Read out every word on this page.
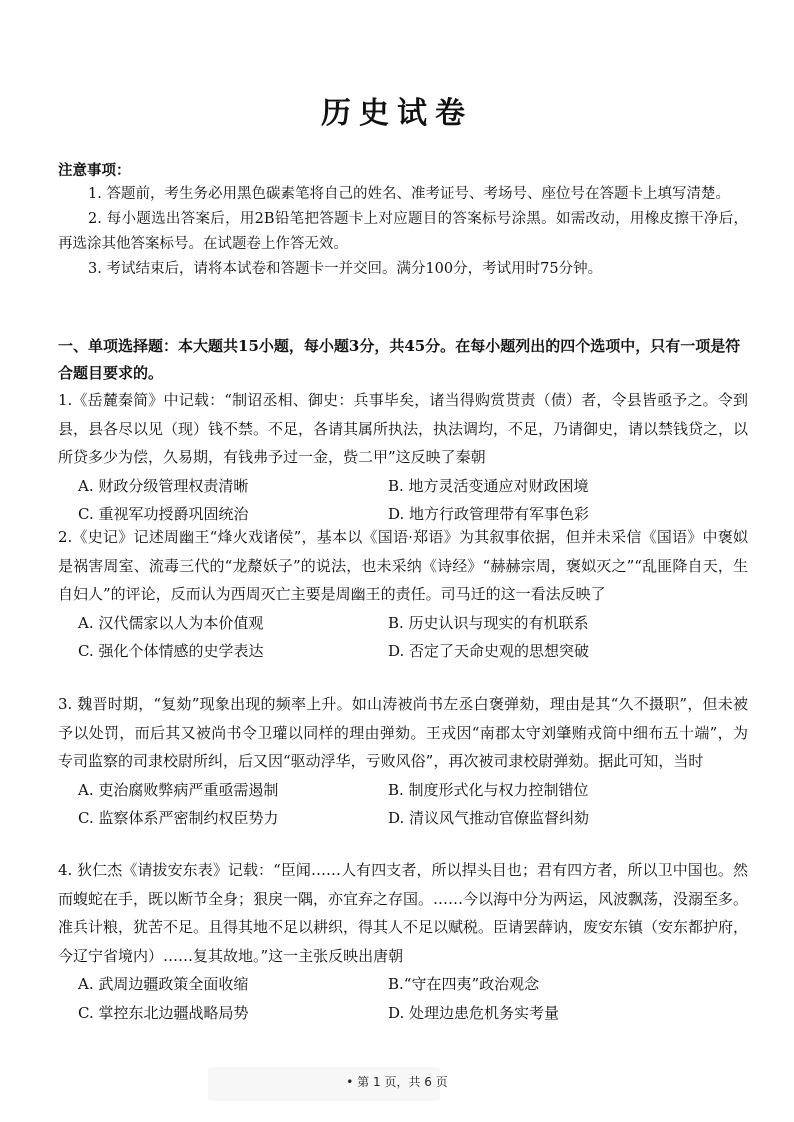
历史试卷
注意事项：
1. 答题前，考生务必用黑色碳素笔将自己的姓名、准考证号、考场号、座位号在答题卡上填写清楚。
2. 每小题选出答案后，用2B铅笔把答题卡上对应题目的答案标号涂黑。如需改动，用橡皮擦干净后，再选涂其他答案标号。在试题卷上作答无效。
3. 考试结束后，请将本试卷和答题卡一并交回。满分100分，考试用时75分钟。
一、单项选择题：本大题共15小题，每小题3分，共45分。在每小题列出的四个选项中，只有一项是符合题目要求的。

1.《岳麓秦简》中记载：“制诏丞相、御史：兵事毕矣，诸当得购赏贳责（债）者，令县皆亟予之。令到县，县各尽以见（现）钱不禁。不足，各请其属所执法，执法调均，不足，乃请御史，请以禁钱贷之，以所贷多少为偿，久易期，有钱弗予过一金，赀二甲”这反映了秦朝

A. 财政分级管理权责清晰	B. 地方灵活变通应对财政困境
C. 重视军功授爵巩固统治	D. 地方行政管理带有军事色彩

2.《史记》记述周幽王“烽火戏诸侯”，基本以《国语·郑语》为其叙事依据，但并未采信《国语》中褒姒是祸害周室、流毒三代的“龙漦妖子”的说法，也未采纳《诗经》“赫赫宗周，褒姒灭之”“乱匪降自天，生自妇人”的评论，反而认为西周灭亡主要是周幽王的责任。司马迁的这一看法反映了

A. 汉代儒家以人为本价值观	B. 历史认识与现实的有机联系
C. 强化个体情感的史学表达	D. 否定了天命史观的思想突破

3. 魏晋时期，“复劾”现象出现的频率上升。如山涛被尚书左丞白褒弹劾，理由是其“久不摄职”，但未被予以处罚，而后其又被尚书令卫瓘以同样的理由弹劾。王戎因“南郡太守刘肇贿戎筒中细布五十端”，为专司监察的司隶校尉所纠，后又因“驱动浮华，亏败风俗”，再次被司隶校尉弹劾。据此可知，当时

A. 吏治腐败弊病严重亟需遏制	B. 制度形式化与权力控制错位
C. 监察体系严密制约权臣势力	D. 清议风气推动官僚监督纠劾

4. 狄仁杰《请拔安东表》记载：“臣闻……人有四支者，所以捍头目也；君有四方者，所以卫中国也。然而蝮蛇在手，既以断节全身；狠戾一隅，亦宜弃之存国。……今以海中分为两运，风波飘荡，没溺至多。准兵计粮，犹苦不足。且得其地不足以耕织，得其人不足以赋税。臣请罢薛讷，废安东镇（安东都护府，今辽宁省境内）……复其故地。”这一主张反映出唐朝

A. 武周边疆政策全面收缩	B.“守在四夷”政治观念
C. 掌控东北边疆战略局势	D. 处理边患危机务实考量
• 第 1 页，共 6 页
